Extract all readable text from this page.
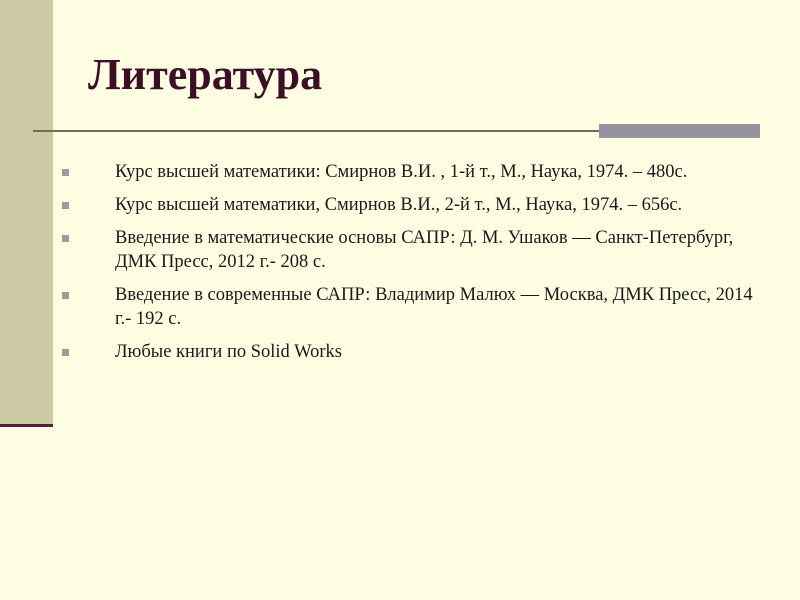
Литература
Курс высшей математики: Смирнов В.И. , 1-й т., М., Наука, 1974. – 480с.
Курс высшей математики, Смирнов В.И., 2-й т., М., Наука, 1974. – 656с.
Введение в математические основы САПР: Д. М. Ушаков — Санкт-Петербург, ДМК Пресс, 2012 г.- 208 с.
Введение в современные САПР: Владимир Малюх — Москва, ДМК Пресс, 2014 г.- 192 с.
Любые книги по Solid Works
